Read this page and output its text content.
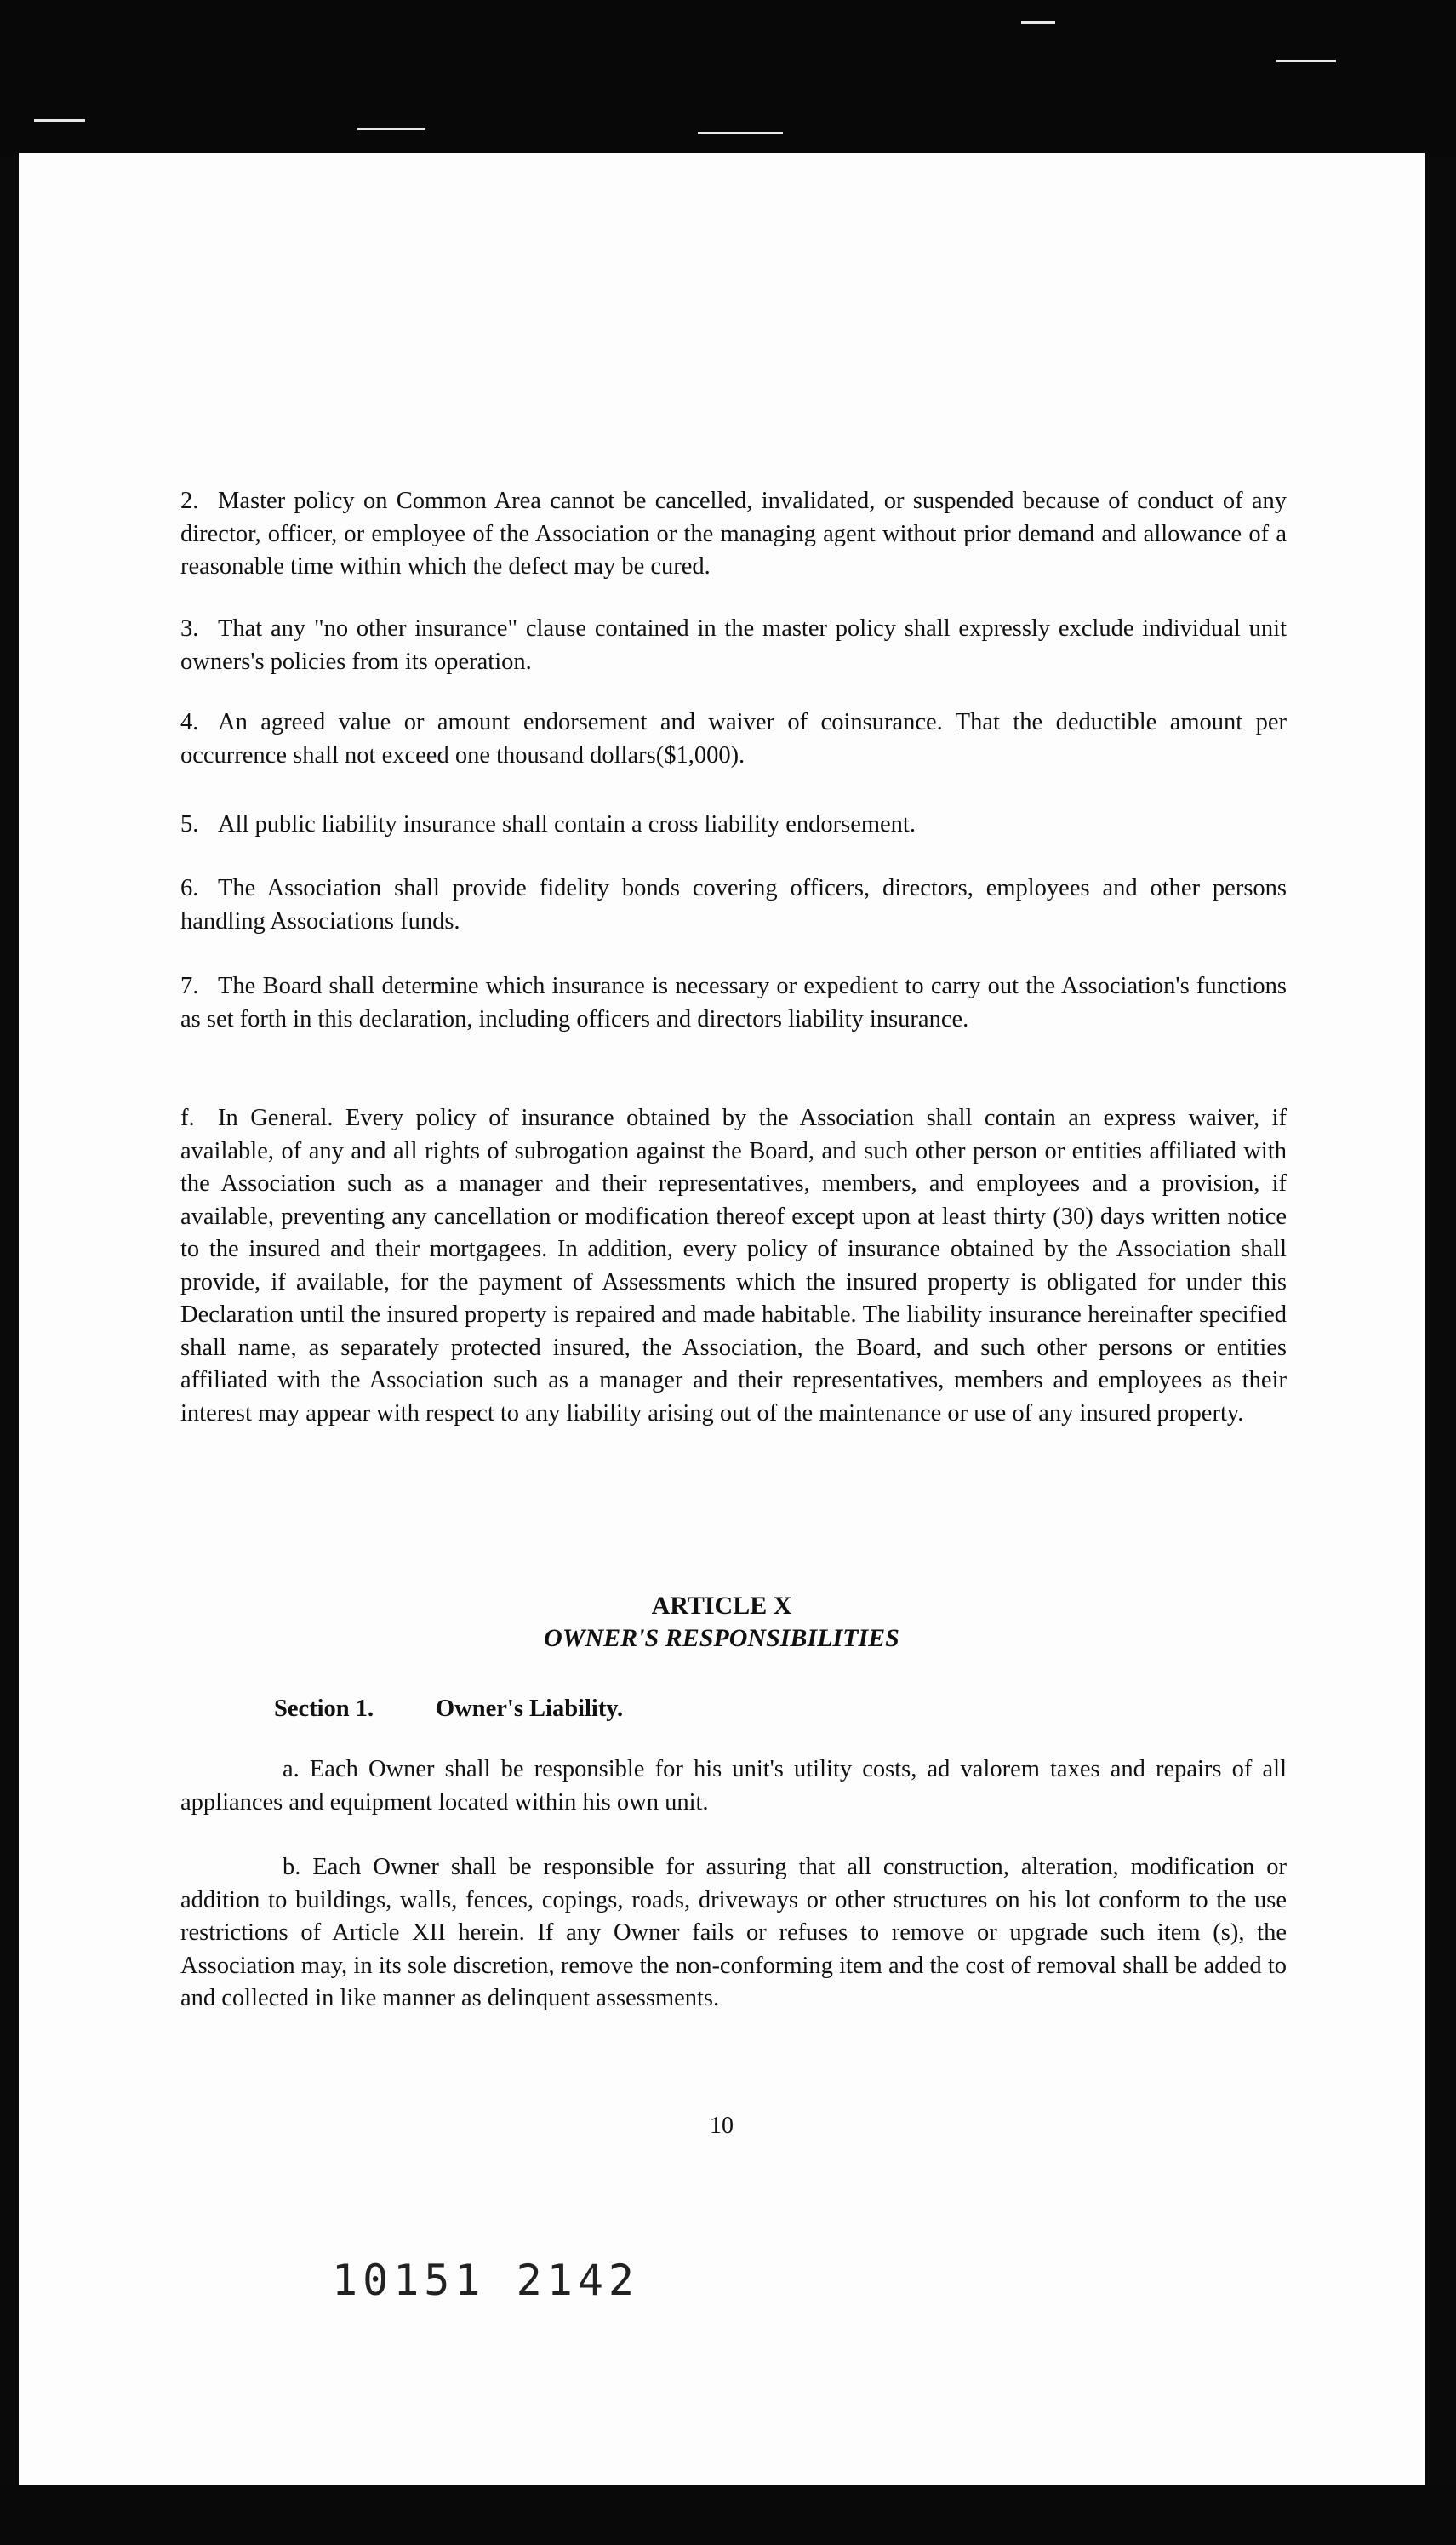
2. Master policy on Common Area cannot be cancelled, invalidated, or suspended because of conduct of any director, officer, or employee of the Association or the managing agent without prior demand and allowance of a reasonable time within which the defect may be cured.

3. That any "no other insurance" clause contained in the master policy shall expressly exclude individual unit owners's policies from its operation.

4. An agreed value or amount endorsement and waiver of coinsurance. That the deductible amount per occurrence shall not exceed one thousand dollars($1,000).

5. All public liability insurance shall contain a cross liability endorsement.

6. The Association shall provide fidelity bonds covering officers, directors, employees and other persons handling Associations funds.

7. The Board shall determine which insurance is necessary or expedient to carry out the Association's functions as set forth in this declaration, including officers and directors liability insurance.

f. In General. Every policy of insurance obtained by the Association shall contain an express waiver, if available, of any and all rights of subrogation against the Board, and such other person or entities affiliated with the Association such as a manager and their representatives, members, and employees and a provision, if available, preventing any cancellation or modification thereof except upon at least thirty (30) days written notice to the insured and their mortgagees. In addition, every policy of insurance obtained by the Association shall provide, if available, for the payment of Assessments which the insured property is obligated for under this Declaration until the insured property is repaired and made habitable. The liability insurance hereinafter specified shall name, as separately protected insured, the Association, the Board, and such other persons or entities affiliated with the Association such as a manager and their representatives, members and employees as their interest may appear with respect to any liability arising out of the maintenance or use of any insured property.

ARTICLE X

OWNER'S RESPONSIBILITIES

Section 1.	Owner's Liability.

a. Each Owner shall be responsible for his unit's utility costs, ad valorem taxes and repairs of all appliances and equipment located within his own unit.

b. Each Owner shall be responsible for assuring that all construction, alteration, modification or addition to buildings, walls, fences, copings, roads, driveways or other structures on his lot conform to the use restrictions of Article XII herein. If any Owner fails or refuses to remove or upgrade such item (s), the Association may, in its sole discretion, remove the non-conforming item and the cost of removal shall be added to and collected in like manner as delinquent assessments.

10
10151 2142
